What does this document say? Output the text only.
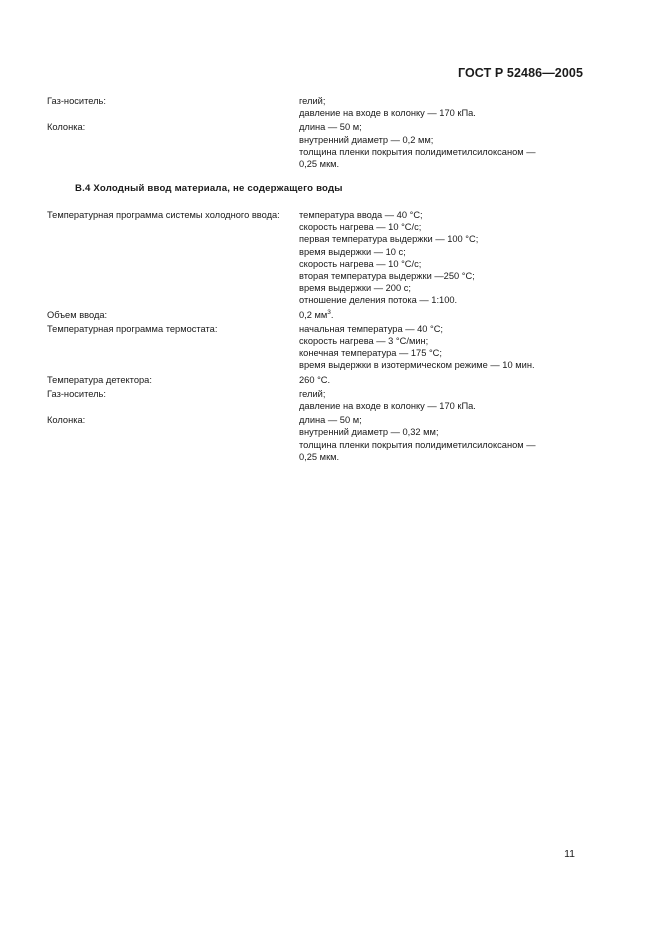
ГОСТ Р 52486—2005
Газ-носитель:	гелий;
давление на входе в колонку — 170 кПа.
Колонка:	длина — 50 м;
внутренний диаметр — 0,2 мм;
толщина пленки покрытия полидиметилсилоксаном —
0,25 мкм.
В.4 Холодный ввод материала, не содержащего воды
Температурная программа системы холодного ввода: температура ввода — 40 °С;
скорость нагрева — 10 °С/с;
первая температура выдержки — 100 °С;
время выдержки — 10 с;
скорость нагрева — 10 °С/с;
вторая температура выдержки —250 °С;
время выдержки — 200 с;
отношение деления потока — 1:100.
Объем ввода:	0,2 $мм^3$.
Температурная программа термостата:	начальная температура — 40 °С;
скорость нагрева — 3 °С/мин;
конечная температура — 175 °С;
время выдержки в изотермическом режиме — 10 мин.
Температура детектора:	260 °С.
Газ-носитель:	гелий;
давление на входе в колонку — 170 кПа.
Колонка:	длина — 50 м;
внутренний диаметр — 0,32 мм;
толщина пленки покрытия полидиметилсилоксаном —
0,25 мкм.
11
